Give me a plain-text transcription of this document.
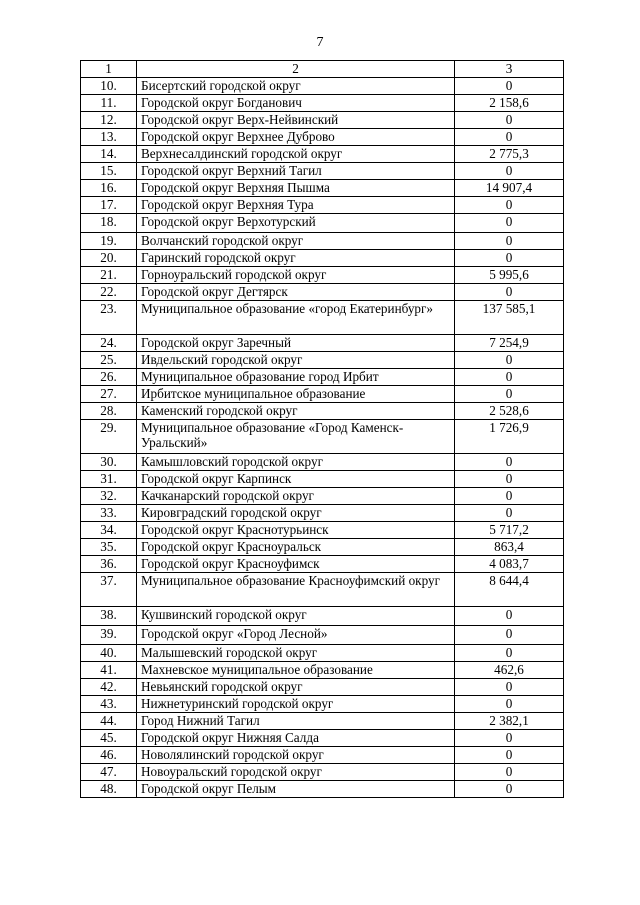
7
1	2	3
10.	Бисертский городской округ	0
11.	Городской округ Богданович	2 158,6
12.	Городской округ Верх-Нейвинский	0
13.	Городской округ Верхнее Дуброво	0
14.	Верхнесалдинский городской округ	2 775,3
15.	Городской округ Верхний Тагил	0
16.	Городской округ Верхняя Пышма	14 907,4
17.	Городской округ Верхняя Тура	0
18.	Городской округ Верхотурский	0
19.	Волчанский городской округ	0
20.	Гаринский городской округ	0
21.	Горноуральский городской округ	5 995,6
22.	Городской округ Дегтярск	0
23.	Муниципальное образование «город Екатеринбург»	137 585,1
24.	Городской округ Заречный	7 254,9
25.	Ивдельский городской округ	0
26.	Муниципальное образование город Ирбит	0
27.	Ирбитское муниципальное образование	0
28.	Каменский городской округ	2 528,6
29.	Муниципальное образование «Город Каменск-Уральский»	1 726,9
30.	Камышловский городской округ	0
31.	Городской округ Карпинск	0
32.	Качканарский городской округ	0
33.	Кировградский городской округ	0
34.	Городской округ Краснотурьинск	5 717,2
35.	Городской округ Красноуральск	863,4
36.	Городской округ Красноуфимск	4 083,7
37.	Муниципальное образование Красноуфимский округ	8 644,4
38.	Кушвинский городской округ	0
39.	Городской округ «Город Лесной»	0
40.	Малышевский городской округ	0
41.	Махневское муниципальное образование	462,6
42.	Невьянский городской округ	0
43.	Нижнетуринский городской округ	0
44.	Город Нижний Тагил	2 382,1
45.	Городской округ Нижняя Салда	0
46.	Новолялинский городской округ	0
47.	Новоуральский городской округ	0
48.	Городской округ Пелым	0
